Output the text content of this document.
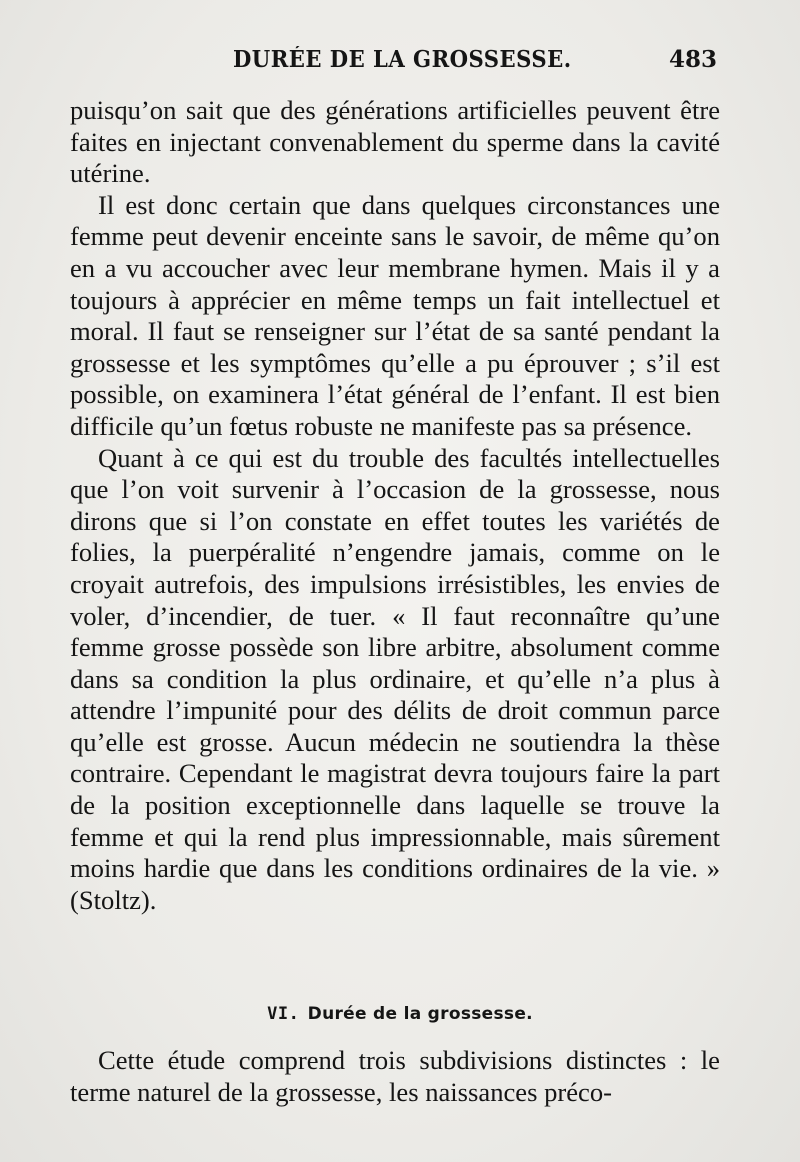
DURÉE DE LA GROSSESSE.	483

puisqu’on sait que des générations artificielles peuvent être faites en injectant convenablement du sperme dans la cavité utérine.

Il est donc certain que dans quelques circonstances une femme peut devenir enceinte sans le savoir, de même qu’on en a vu accoucher avec leur membrane hymen. Mais il y a toujours à apprécier en même temps un fait intellectuel et moral. Il faut se renseigner sur l’état de sa santé pendant la grossesse et les symptômes qu’elle a pu éprouver ; s’il est possible, on examinera l’état général de l’enfant. Il est bien difficile qu’un fœtus robuste ne manifeste pas sa présence.

Quant à ce qui est du trouble des facultés intellectuelles que l’on voit survenir à l’occasion de la grossesse, nous dirons que si l’on constate en effet toutes les variétés de folies, la puerpéralité n’engendre jamais, comme on le croyait autrefois, des impulsions irrésistibles, les envies de voler, d’incendier, de tuer. « Il faut reconnaître qu’une femme grosse possède son libre arbitre, absolument comme dans sa condition la plus ordinaire, et qu’elle n’a plus à attendre l’impunité pour des délits de droit commun parce qu’elle est grosse. Aucun médecin ne soutiendra la thèse contraire. Cependant le magistrat devra toujours faire la part de la position exceptionnelle dans laquelle se trouve la femme et qui la rend plus impressionnable, mais sûrement moins hardie que dans les conditions ordinaires de la vie. » (Stoltz).

VI. Durée de la grossesse.

Cette étude comprend trois subdivisions distinctes : le terme naturel de la grossesse, les naissances préco-
